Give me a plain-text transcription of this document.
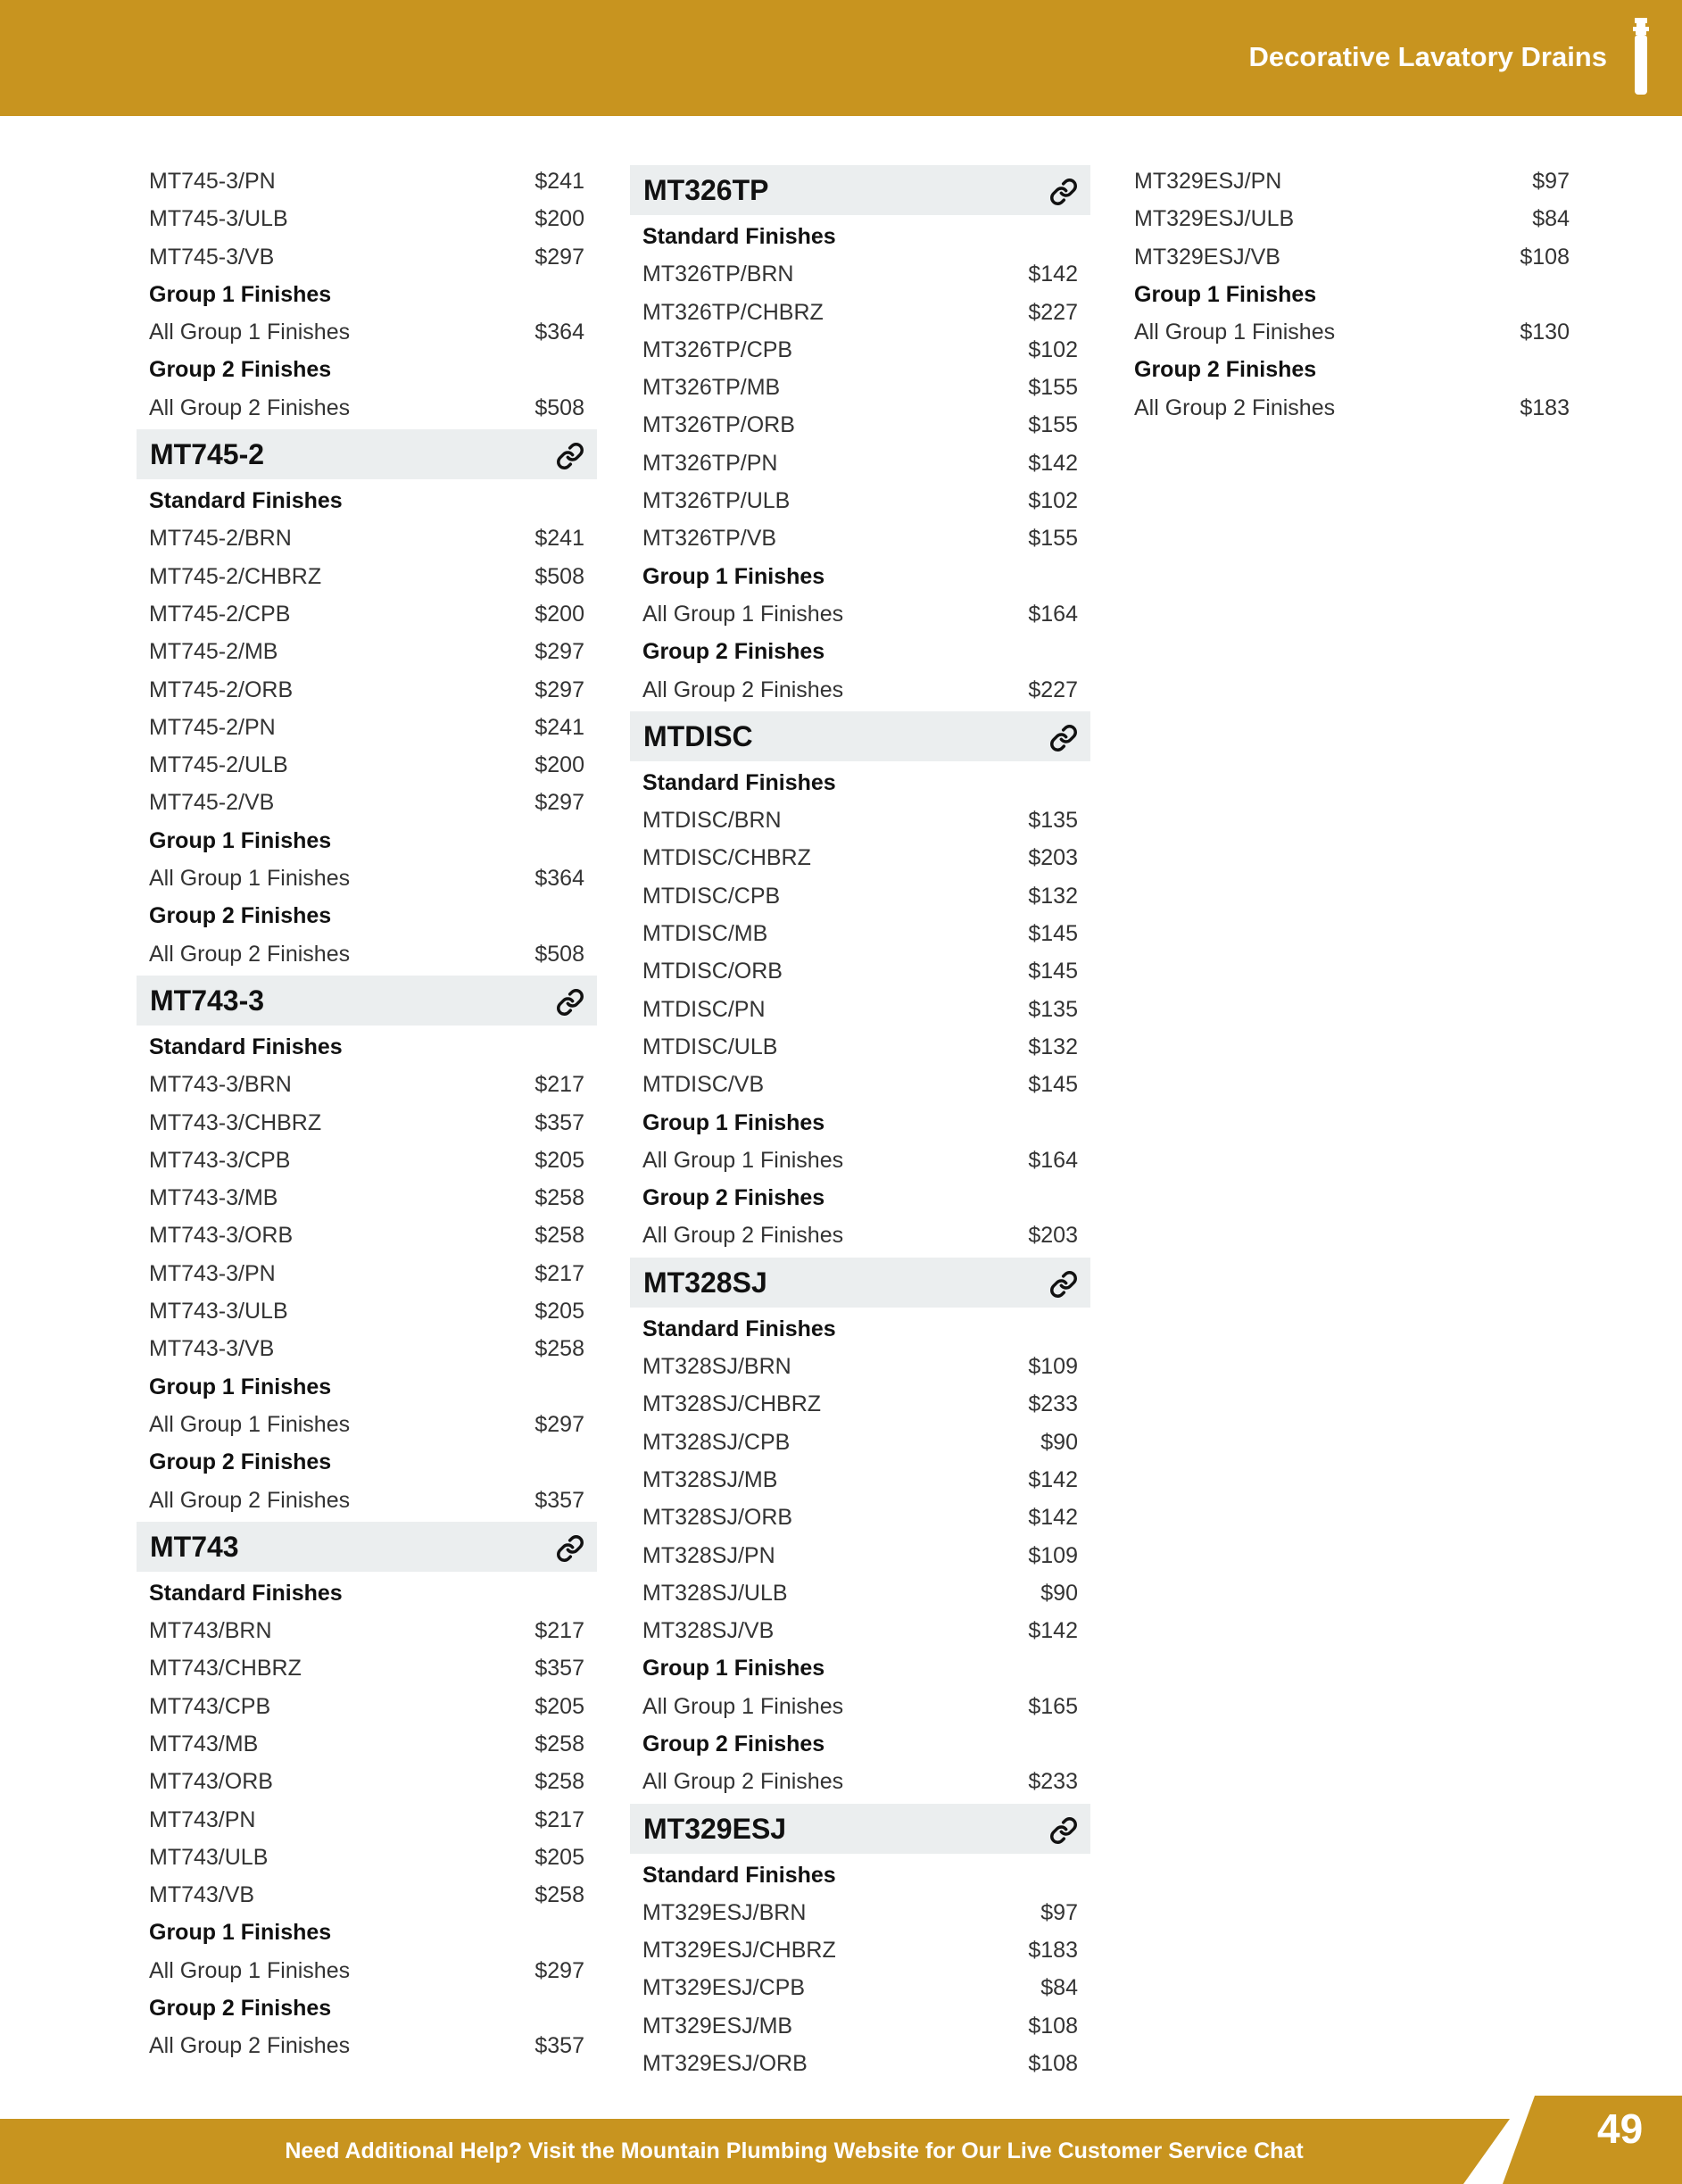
Decorative Lavatory Drains
MT745-3/PN	$241
MT745-3/ULB	$200
MT745-3/VB	$297
Group 1 Finishes
All Group 1 Finishes	$364
Group 2 Finishes
All Group 2 Finishes	$508
MT745-2
Standard Finishes
MT745-2/BRN	$241
MT745-2/CHBRZ	$508
MT745-2/CPB	$200
MT745-2/MB	$297
MT745-2/ORB	$297
MT745-2/PN	$241
MT745-2/ULB	$200
MT745-2/VB	$297
Group 1 Finishes
All Group 1 Finishes	$364
Group 2 Finishes
All Group 2 Finishes	$508
MT743-3
Standard Finishes
MT743-3/BRN	$217
MT743-3/CHBRZ	$357
MT743-3/CPB	$205
MT743-3/MB	$258
MT743-3/ORB	$258
MT743-3/PN	$217
MT743-3/ULB	$205
MT743-3/VB	$258
Group 1 Finishes
All Group 1 Finishes	$297
Group 2 Finishes
All Group 2 Finishes	$357
MT743
Standard Finishes
MT743/BRN	$217
MT743/CHBRZ	$357
MT743/CPB	$205
MT743/MB	$258
MT743/ORB	$258
MT743/PN	$217
MT743/ULB	$205
MT743/VB	$258
Group 1 Finishes
All Group 1 Finishes	$297
Group 2 Finishes
All Group 2 Finishes	$357
MT326TP
Standard Finishes
MT326TP/BRN	$142
MT326TP/CHBRZ	$227
MT326TP/CPB	$102
MT326TP/MB	$155
MT326TP/ORB	$155
MT326TP/PN	$142
MT326TP/ULB	$102
MT326TP/VB	$155
Group 1 Finishes
All Group 1 Finishes	$164
Group 2 Finishes
All Group 2 Finishes	$227
MTDISC
Standard Finishes
MTDISC/BRN	$135
MTDISC/CHBRZ	$203
MTDISC/CPB	$132
MTDISC/MB	$145
MTDISC/ORB	$145
MTDISC/PN	$135
MTDISC/ULB	$132
MTDISC/VB	$145
Group 1 Finishes
All Group 1 Finishes	$164
Group 2 Finishes
All Group 2 Finishes	$203
MT328SJ
Standard Finishes
MT328SJ/BRN	$109
MT328SJ/CHBRZ	$233
MT328SJ/CPB	$90
MT328SJ/MB	$142
MT328SJ/ORB	$142
MT328SJ/PN	$109
MT328SJ/ULB	$90
MT328SJ/VB	$142
Group 1 Finishes
All Group 1 Finishes	$165
Group 2 Finishes
All Group 2 Finishes	$233
MT329ESJ
Standard Finishes
MT329ESJ/BRN	$97
MT329ESJ/CHBRZ	$183
MT329ESJ/CPB	$84
MT329ESJ/MB	$108
MT329ESJ/ORB	$108
MT329ESJ/PN	$97
MT329ESJ/ULB	$84
MT329ESJ/VB	$108
Group 1 Finishes
All Group 1 Finishes	$130
Group 2 Finishes
All Group 2 Finishes	$183
Need Additional Help? Visit the Mountain Plumbing Website for Our Live Customer Service Chat	49
